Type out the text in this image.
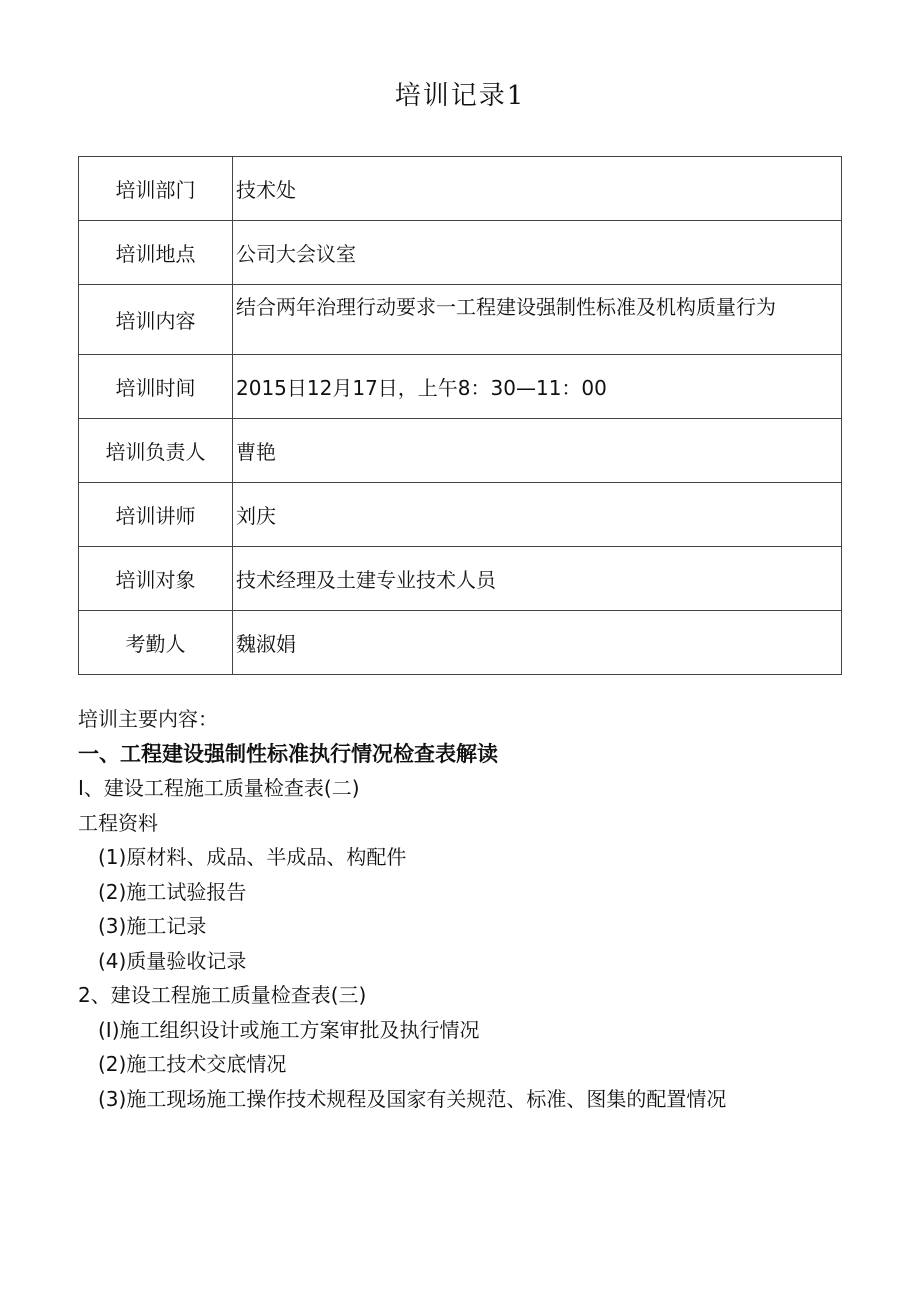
培训记录1
培训部门	技术处
培训地点	公司大会议室
培训内容	结合两年治理行动要求一工程建设强制性标准及机构质量行为
培训时间	2015日12月17日，上午8：30—11：00
培训负责人	曹艳
培训讲师	刘庆
培训对象	技术经理及土建专业技术人员
考勤人	魏淑娟
培训主要内容：
一、工程建设强制性标准执行情况检查表解读
I、建设工程施工质量检查表(二)
工程资料
(1)原材料、成品、半成品、构配件
(2)施工试验报告
(3)施工记录
(4)质量验收记录
2、建设工程施工质量检查表(三)
(I)施工组织设计或施工方案审批及执行情况
(2)施工技术交底情况
(3)施工现场施工操作技术规程及国家有关规范、标准、图集的配置情况
